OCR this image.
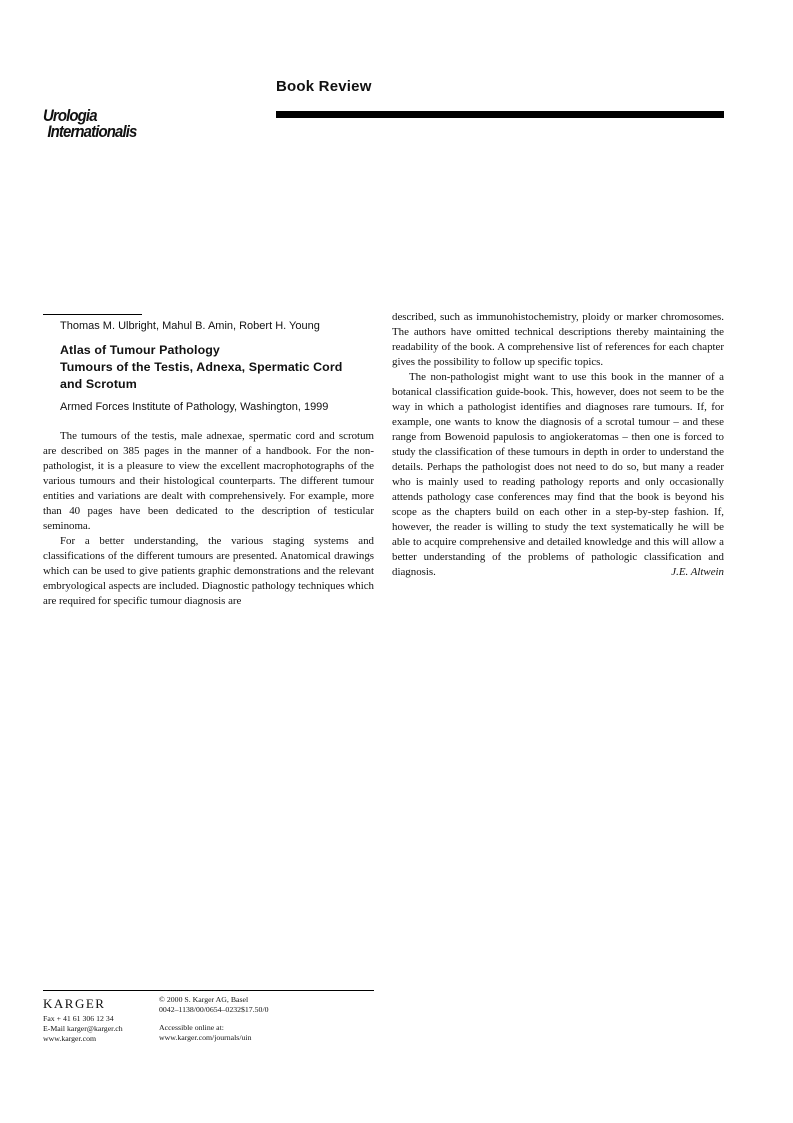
Book Review
Urologia
Internationalis
Thomas M. Ulbright, Mahul B. Amin, Robert H. Young
Atlas of Tumour Pathology
Tumours of the Testis, Adnexa, Spermatic Cord
and Scrotum
Armed Forces Institute of Pathology, Washington, 1999

The tumours of the testis, male adnexae, spermatic cord and scrotum are described on 385 pages in the manner of a handbook. For the non-pathologist, it is a pleasure to view the excellent macrophotographs of the various tumours and their histological counterparts. The different tumour entities and variations are dealt with comprehensively. For example, more than 40 pages have been dedicated to the description of testicular seminoma.

For a better understanding, the various staging systems and classifications of the different tumours are presented. Anatomical drawings which can be used to give patients graphic demonstrations and the relevant embryological aspects are included. Diagnostic pathology techniques which are required for specific tumour diagnosis are

described, such as immunohistochemistry, ploidy or marker chromosomes. The authors have omitted technical descriptions thereby maintaining the readability of the book. A comprehensive list of references for each chapter gives the possibility to follow up specific topics.

The non-pathologist might want to use this book in the manner of a botanical classification guide-book. This, however, does not seem to be the way in which a pathologist identifies and diagnoses rare tumours. If, for example, one wants to know the diagnosis of a scrotal tumour – and these range from Bowenoid papulosis to angiokeratomas – then one is forced to study the classification of these tumours in depth in order to understand the details. Perhaps the pathologist does not need to do so, but many a reader who is mainly used to reading pathology reports and only occasionally attends pathology case conferences may find that the book is beyond his scope as the chapters build on each other in a step-by-step fashion. If, however, the reader is willing to study the text systematically he will be able to acquire comprehensive and detailed knowledge and this will allow a better understanding of the problems of pathologic classification and diagnosis.	J.E. Altwein

KARGER
Fax + 41 61 306 12 34
E-Mail karger@karger.ch
www.karger.com
© 2000 S. Karger AG, Basel
0042–1138/00/0654–0232$17.50/0
Accessible online at:
www.karger.com/journals/uin
